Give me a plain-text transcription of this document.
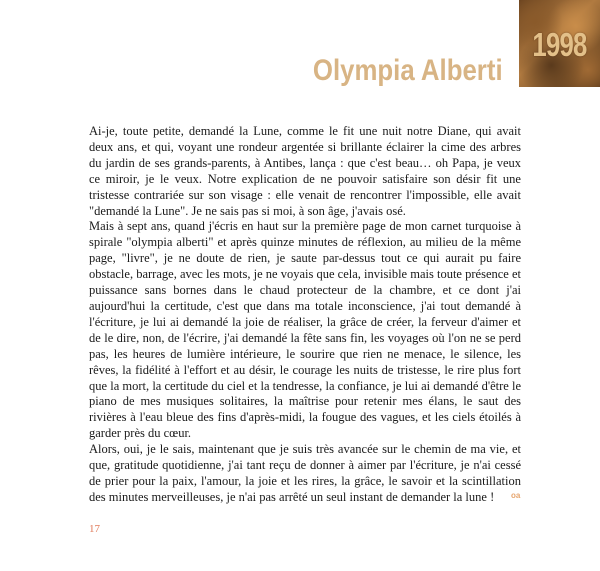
1998
Olympia Alberti

Ai-je, toute petite, demandé la Lune, comme le fit une nuit notre Diane, qui avait deux ans, et qui, voyant une rondeur argentée si brillante éclairer la cime des arbres du jardin de ses grands-parents, à Antibes, lança : que c'est beau… oh Papa, je veux ce miroir, je le veux. Notre explication de ne pouvoir satisfaire son désir fit une tristesse contrariée sur son visage : elle venait de rencontrer l'impossible, elle avait "demandé la Lune". Je ne sais pas si moi, à son âge, j'avais osé.

Mais à sept ans, quand j'écris en haut sur la première page de mon carnet turquoise à spirale "olympia alberti" et après quinze minutes de réflexion, au milieu de la même page, "livre", je ne doute de rien, je saute par-dessus tout ce qui aurait pu faire obstacle, barrage, avec les mots, je ne voyais que cela, invisible mais toute présence et puissance sans bornes dans le chaud protecteur de la chambre, et ce dont j'ai aujourd'hui la certitude, c'est que dans ma totale inconscience, j'ai tout demandé à l'écriture, je lui ai demandé la joie de réaliser, la grâce de créer, la ferveur d'aimer et de le dire, non, de l'écrire, j'ai demandé la fête sans fin, les voyages où l'on ne se perd pas, les heures de lumière intérieure, le sourire que rien ne menace, le silence, les rêves, la fidélité à l'effort et au désir, le courage les nuits de tristesse, le rire plus fort que la mort, la certitude du ciel et la tendresse, la confiance, je lui ai demandé d'être le piano de mes musiques solitaires, la maîtrise pour retenir mes élans, le saut des rivières à l'eau bleue des fins d'après-midi, la fougue des vagues, et les ciels étoilés à garder près du cœur.

Alors, oui, je le sais, maintenant que je suis très avancée sur le chemin de ma vie, et que, gratitude quotidienne, j'ai tant reçu de donner à aimer par l'écriture, je n'ai cessé de prier pour la paix, l'amour, la joie et les rires, la grâce, le savoir et la scintillation des minutes merveilleuses, je n'ai pas arrêté un seul instant de demander la lune !	oa
17
